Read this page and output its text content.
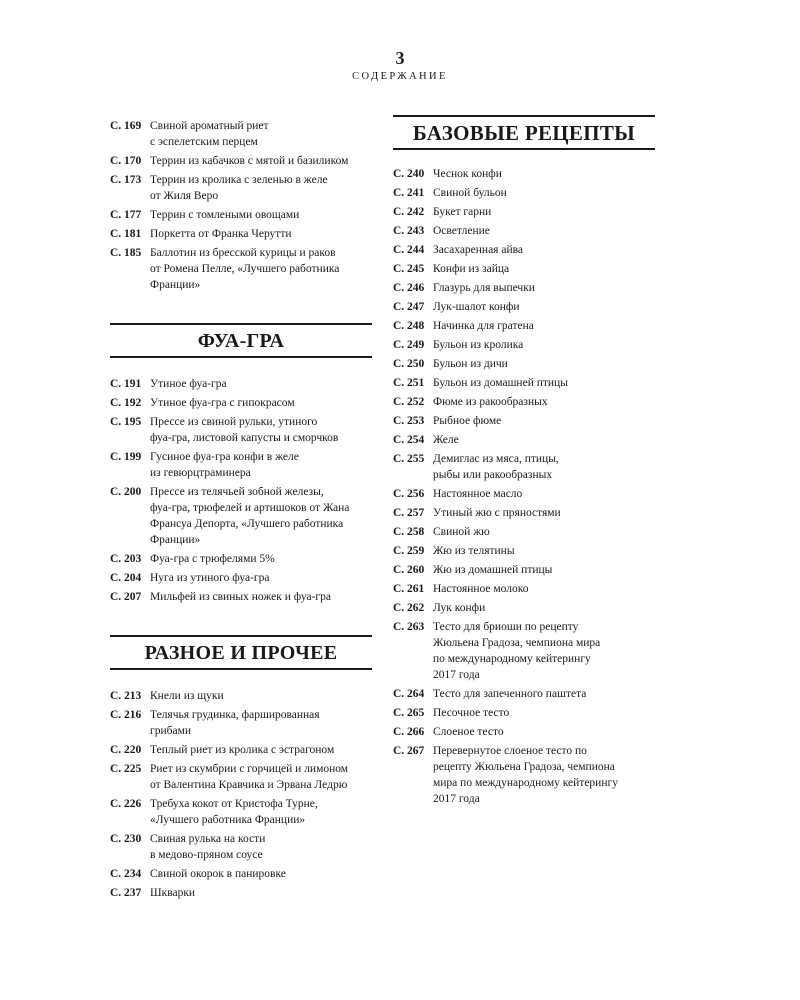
3
СОДЕРЖАНИЕ
С. 169 Свиной ароматный риет
с эспелетским перцем
С. 170 Террин из кабачков с мятой и базиликом
С. 173 Террин из кролика с зеленью в желе
от Жиля Веро
С. 177 Террин с томлеными овощами
С. 181 Поркетта от Франка Черутти
С. 185 Баллотин из бресской курицы и раков
от Ромена Пелле, «Лучшего работника
Франции»
ФУА-ГРА
С. 191 Утиное фуа-гра
С. 192 Утиное фуа-гра с гипокрасом
С. 195 Прессе из свиной рульки, утиного
фуа-гра, листовой капусты и сморчков
С. 199 Гусиное фуа-гра конфи в желе
из гевюрцтраминера
С. 200 Прессе из телячьей зобной железы,
фуа-гра, трюфелей и артишоков от Жана
Франсуа Депорта, «Лучшего работника
Франции»
С. 203 Фуа-гра с трюфелями 5%
С. 204 Нуга из утиного фуа-гра
С. 207 Мильфей из свиных ножек и фуа-гра
РАЗНОЕ И ПРОЧЕЕ
С. 213 Кнели из щуки
С. 216 Телячья грудинка, фаршированная
грибами
С. 220 Теплый риет из кролика с эстрагоном
С. 225 Риет из скумбрии с горчицей и лимоном
от Валентина Кравчика и Эрвана Ледрю
С. 226 Требуха кокот от Кристофа Турне,
«Лучшего работника Франции»
С. 230 Свиная рулька на кости
в медово-пряном соусе
С. 234 Свиной окорок в панировке
С. 237 Шкварки
БАЗОВЫЕ РЕЦЕПТЫ
С. 240 Чеснок конфи
С. 241 Свиной бульон
С. 242 Букет гарни
С. 243 Осветление
С. 244 Засахаренная айва
С. 245 Конфи из зайца
С. 246 Глазурь для выпечки
С. 247 Лук-шалот конфи
С. 248 Начинка для гратена
С. 249 Бульон из кролика
С. 250 Бульон из дичи
С. 251 Бульон из домашней птицы
С. 252 Фюме из ракообразных
С. 253 Рыбное фюме
С. 254 Желе
С. 255 Демиглас из мяса, птицы,
рыбы или ракообразных
С. 256 Настоянное масло
С. 257 Утиный жю с пряностями
С. 258 Свиной жю
С. 259 Жю из телятины
С. 260 Жю из домашней птицы
С. 261 Настоянное молоко
С. 262 Лук конфи
С. 263 Тесто для бриоши по рецепту
Жюльена Градоза, чемпиона мира
по международному кейтерингу
2017 года
С. 264 Тесто для запеченного паштета
С. 265 Песочное тесто
С. 266 Слоеное тесто
С. 267 Перевернутое слоеное тесто по
рецепту Жюльена Градоза, чемпиона
мира по международному кейтерингу
2017 года
